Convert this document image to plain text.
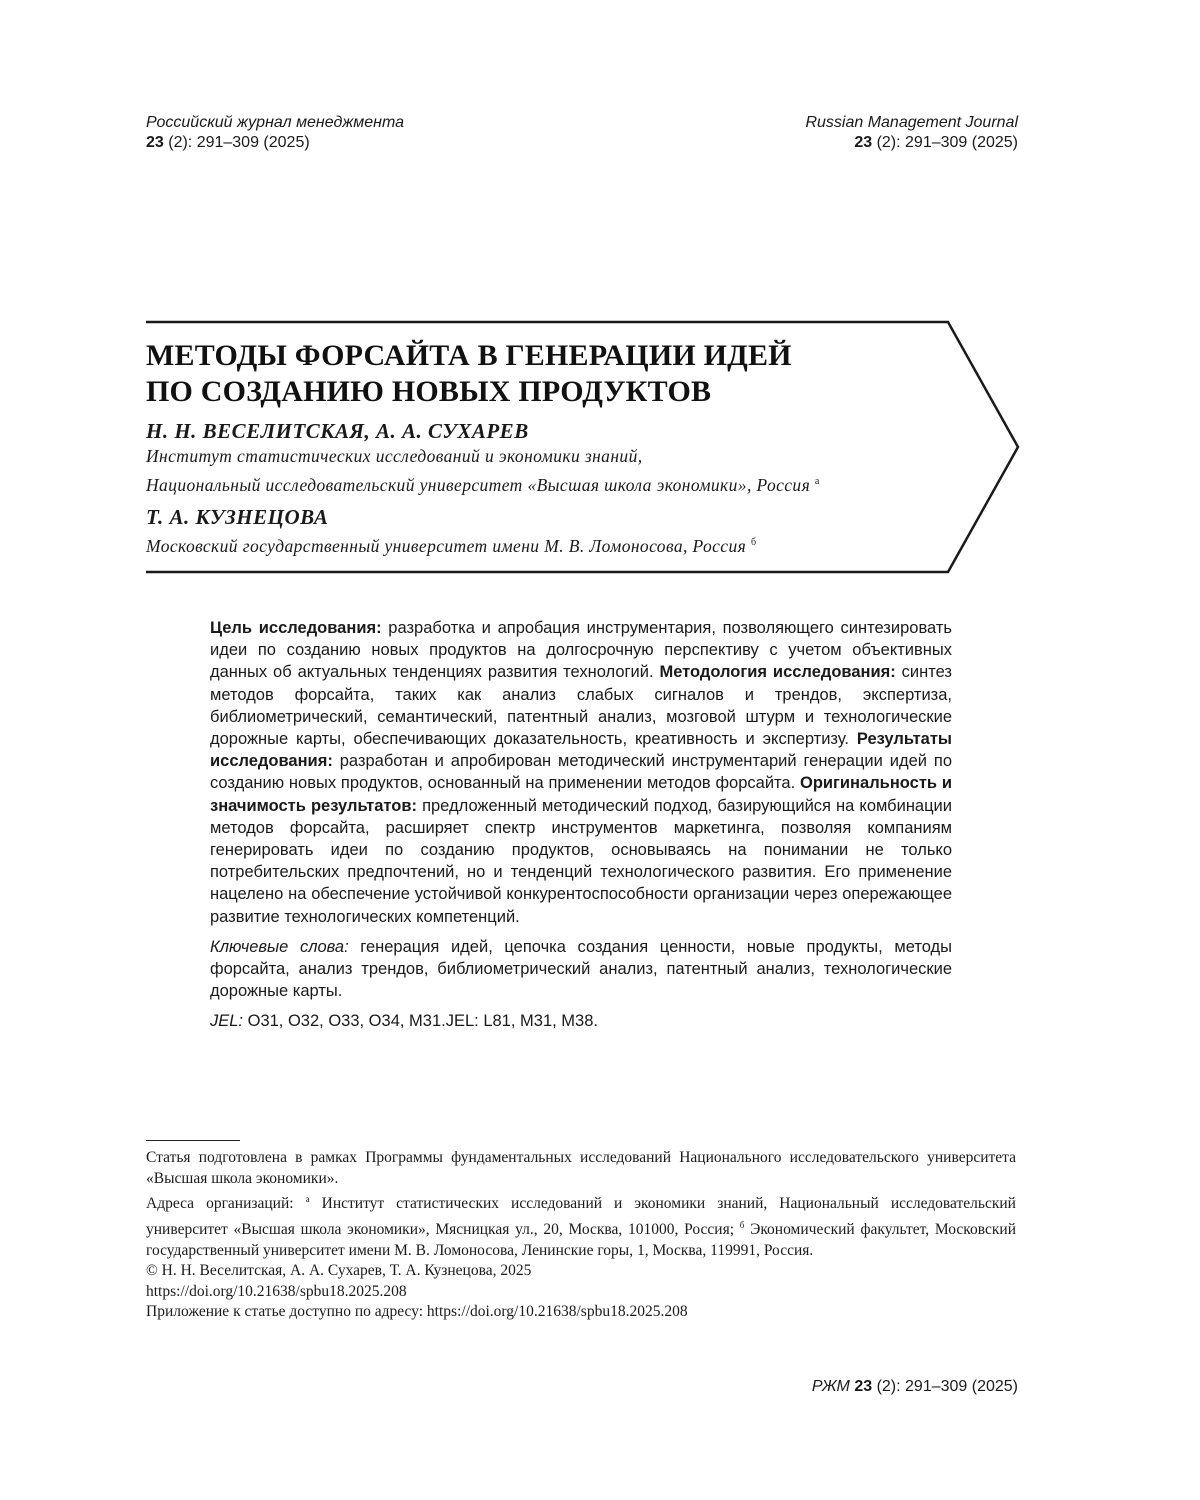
Российский журнал менеджмента
23 (2): 291–309 (2025)
Russian Management Journal
23 (2): 291–309 (2025)
МЕТОДЫ ФОРСАЙТА В ГЕНЕРАЦИИ ИДЕЙ
ПО СОЗДАНИЮ НОВЫХ ПРОДУКТОВ
Н. Н. ВЕСЕЛИТСКАЯ, А. А. СУХАРЕВ
Институт статистических исследований и экономики знаний,
Национальный исследовательский университет «Высшая школа экономики», Россия $^а$
Т. А. КУЗНЕЦОВА
Московский государственный университет имени М. В. Ломоносова, Россия $^б$
Цель исследования: разработка и апробация инструментария, позволяющего синтезировать идеи по созданию новых продуктов на долгосрочную перспективу с учетом объективных данных об актуальных тенденциях развития технологий. Методология исследования: синтез методов форсайта, таких как анализ слабых сигналов и трендов, экспертиза, библиометрический, семантический, патентный анализ, мозговой штурм и технологические дорожные карты, обеспечивающих доказательность, креативность и экспертизу. Результаты исследования: разработан и апробирован методический инструментарий генерации идей по созданию новых продуктов, основанный на применении методов форсайта. Оригинальность и значимость результатов: предложенный методический подход, базирующийся на комбинации методов форсайта, расширяет спектр инструментов маркетинга, позволяя компаниям генерировать идеи по созданию продуктов, основываясь на понимании не только потребительских предпочтений, но и тенденций технологического развития. Его применение нацелено на обеспечение устойчивой конкурентоспособности организации через опережающее развитие технологических компетенций.
Ключевые слова: генерация идей, цепочка создания ценности, новые продукты, методы форсайта, анализ трендов, библиометрический анализ, патентный анализ, технологические дорожные карты.
JEL: O31, O32, O33, O34, M31.JEL: L81, M31, M38.

Статья подготовлена в рамках Программы фундаментальных исследований Национального исследовательского университета «Высшая школа экономики».

Адреса организаций: $^а$ Институт статистических исследований и экономики знаний, Национальный исследовательский университет «Высшая школа экономики», Мясницкая ул., 20, Москва, 101000, Россия; $^б$ Экономический факультет, Московский государственный университет имени М. В. Ломоносова, Ленинские горы, 1, Москва, 119991, Россия.

© Н. Н. Веселитская, А. А. Сухарев, Т. А. Кузнецова, 2025

https://doi.org/10.21638/spbu18.2025.208

Приложение к статье доступно по адресу: https://doi.org/10.21638/spbu18.2025.208

РЖМ 23 (2): 291–309 (2025)
